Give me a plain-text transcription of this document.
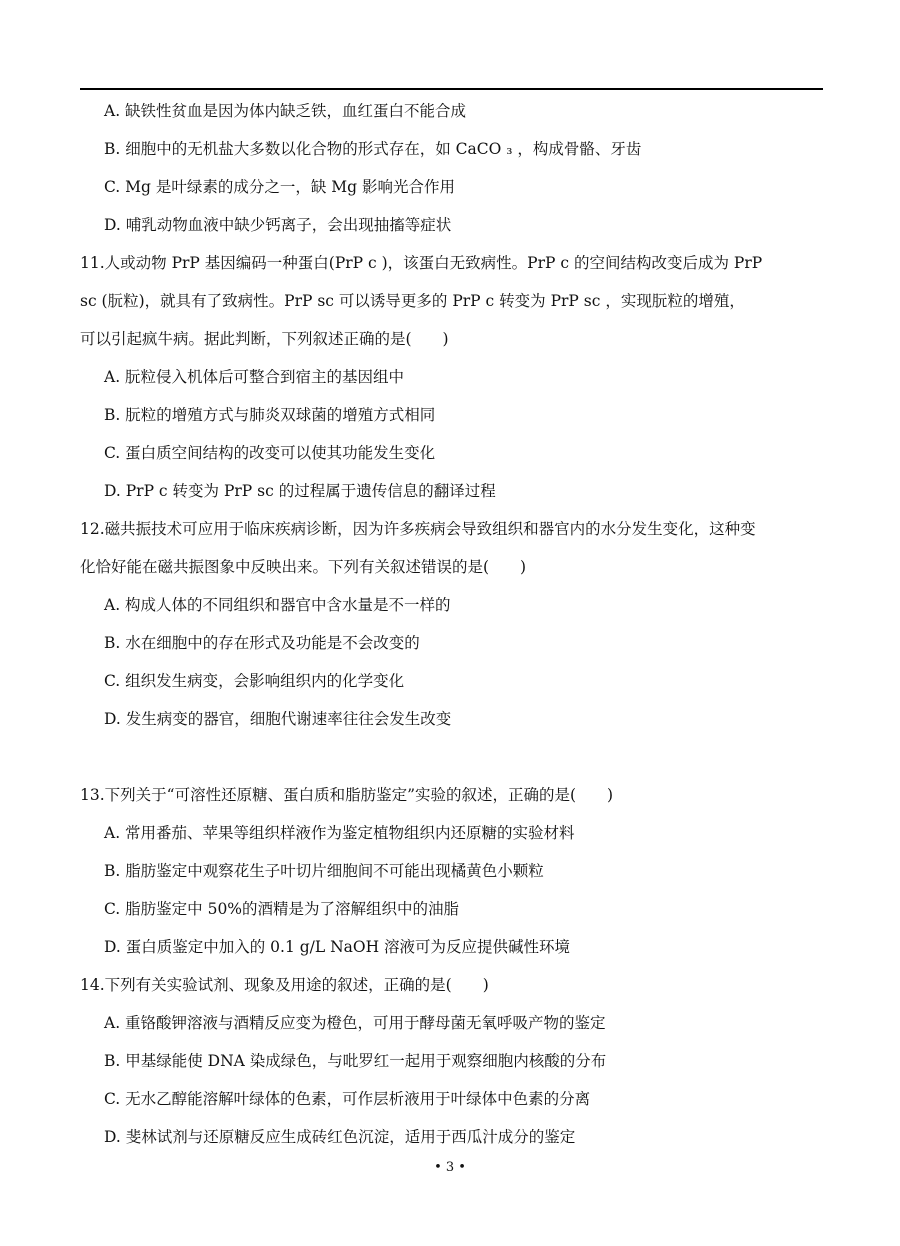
A. 缺铁性贫血是因为体内缺乏铁，血红蛋白不能合成

B. 细胞中的无机盐大多数以化合物的形式存在，如 CaCO ₃ ，构成骨骼、牙齿

C. Mg 是叶绿素的成分之一，缺 Mg 影响光合作用

D. 哺乳动物血液中缺少钙离子，会出现抽搐等症状

11.人或动物 PrP 基因编码一种蛋白(PrP c )，该蛋白无致病性。PrP c 的空间结构改变后成为 PrP

sc (朊粒)，就具有了致病性。PrP sc 可以诱导更多的 PrP c 转变为 PrP sc ，实现朊粒的增殖，

可以引起疯牛病。据此判断，下列叙述正确的是(　　)

A. 朊粒侵入机体后可整合到宿主的基因组中

B. 朊粒的增殖方式与肺炎双球菌的增殖方式相同

C. 蛋白质空间结构的改变可以使其功能发生变化

D. PrP c 转变为 PrP sc 的过程属于遗传信息的翻译过程

12.磁共振技术可应用于临床疾病诊断，因为许多疾病会导致组织和器官内的水分发生变化，这种变

化恰好能在磁共振图象中反映出来。下列有关叙述错误的是(　　)

A. 构成人体的不同组织和器官中含水量是不一样的

B. 水在细胞中的存在形式及功能是不会改变的

C. 组织发生病变，会影响组织内的化学变化

D. 发生病变的器官，细胞代谢速率往往会发生改变

13.下列关于“可溶性还原糖、蛋白质和脂肪鉴定”实验的叙述，正确的是(　　)

A. 常用番茄、苹果等组织样液作为鉴定植物组织内还原糖的实验材料

B. 脂肪鉴定中观察花生子叶切片细胞间不可能出现橘黄色小颗粒

C. 脂肪鉴定中 50%的酒精是为了溶解组织中的油脂

D. 蛋白质鉴定中加入的 0.1 g/L NaOH 溶液可为反应提供碱性环境

14.下列有关实验试剂、现象及用途的叙述，正确的是(　　)

A. 重铬酸钾溶液与酒精反应变为橙色，可用于酵母菌无氧呼吸产物的鉴定

B. 甲基绿能使 DNA 染成绿色，与吡罗红一起用于观察细胞内核酸的分布

C. 无水乙醇能溶解叶绿体的色素，可作层析液用于叶绿体中色素的分离

D. 斐林试剂与还原糖反应生成砖红色沉淀，适用于西瓜汁成分的鉴定

• 3 •
